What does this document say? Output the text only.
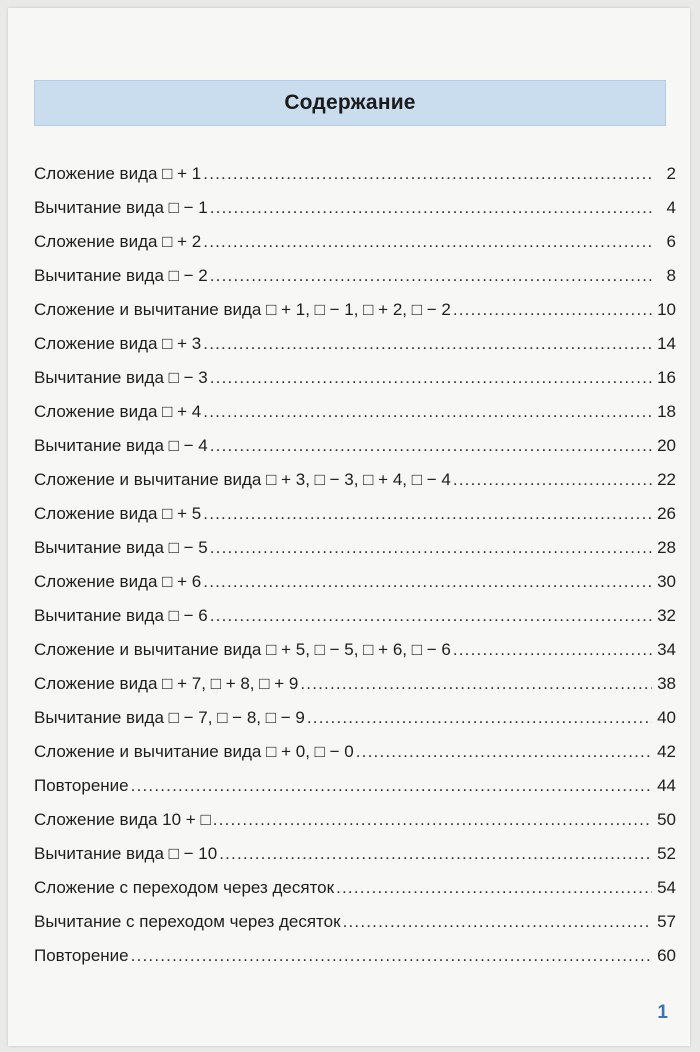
Содержание
Сложение вида □ + 1 .....	2
Вычитание вида □ − 1 .....	4
Сложение вида □ + 2 .....	6
Вычитание вида □ − 2 .....	8
Сложение и вычитание вида □ + 1, □ − 1, □ + 2, □ − 2 .....	10
Сложение вида □ + 3 .....	14
Вычитание вида □ − 3 .....	16
Сложение вида □ + 4 .....	18
Вычитание вида □ − 4 .....	20
Сложение и вычитание вида □ + 3, □ − 3, □ + 4, □ − 4 .....	22
Сложение вида □ + 5 .....	26
Вычитание вида □ − 5 .....	28
Сложение вида □ + 6 .....	30
Вычитание вида □ − 6 .....	32
Сложение и вычитание вида □ + 5, □ − 5, □ + 6, □ − 6 .....	34
Сложение вида □ + 7, □ + 8, □ + 9 .....	38
Вычитание вида □ − 7, □ − 8, □ − 9 .....	40
Сложение и вычитание вида □ + 0, □ − 0 .....	42
Повторение .....	44
Сложение вида 10 + □ .....	50
Вычитание вида □ − 10 .....	52
Сложение с переходом через десяток .....	54
Вычитание с переходом через десяток .....	57
Повторение .....	60
1
